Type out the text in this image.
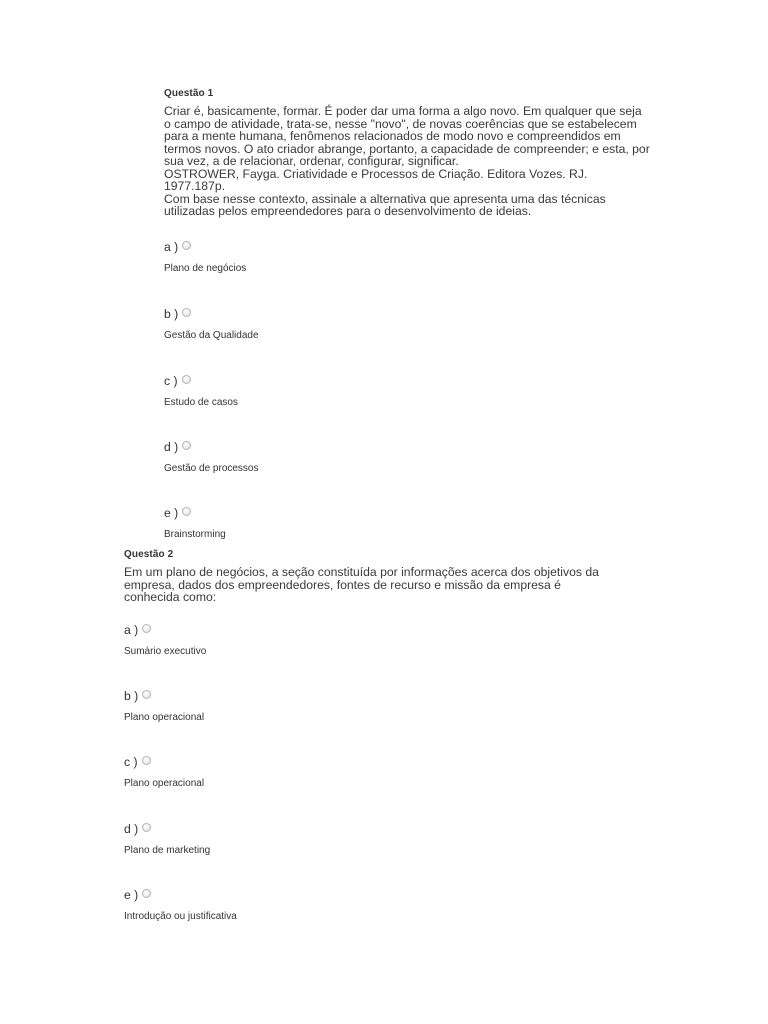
Questão 1
Criar é, basicamente, formar. É poder dar uma forma a algo novo. Em qualquer que seja
o campo de atividade, trata-se, nesse "novo", de novas coerências que se estabelecem
para a mente humana, fenômenos relacionados de modo novo e compreendidos em
termos novos. O ato criador abrange, portanto, a capacidade de compreender; e esta, por
sua vez, a de relacionar, ordenar, configurar, significar.
OSTROWER, Fayga. Criatividade e Processos de Criação. Editora Vozes. RJ.
1977.187p.
Com base nesse contexto, assinale a alternativa que apresenta uma das técnicas
utilizadas pelos empreendedores para o desenvolvimento de ideias.
a )
Plano de negócios
b )
Gestão da Qualidade
c )
Estudo de casos
d )
Gestão de processos
e )
Brainstorming
Questão 2
Em um plano de negócios, a seção constituída por informações acerca dos objetivos da
empresa, dados dos empreendedores, fontes de recurso e missão da empresa é
conhecida como:
a )
Sumário executivo
b )
Plano operacional
c )
Plano operacional
d )
Plano de marketing
e )
Introdução ou justificativa
